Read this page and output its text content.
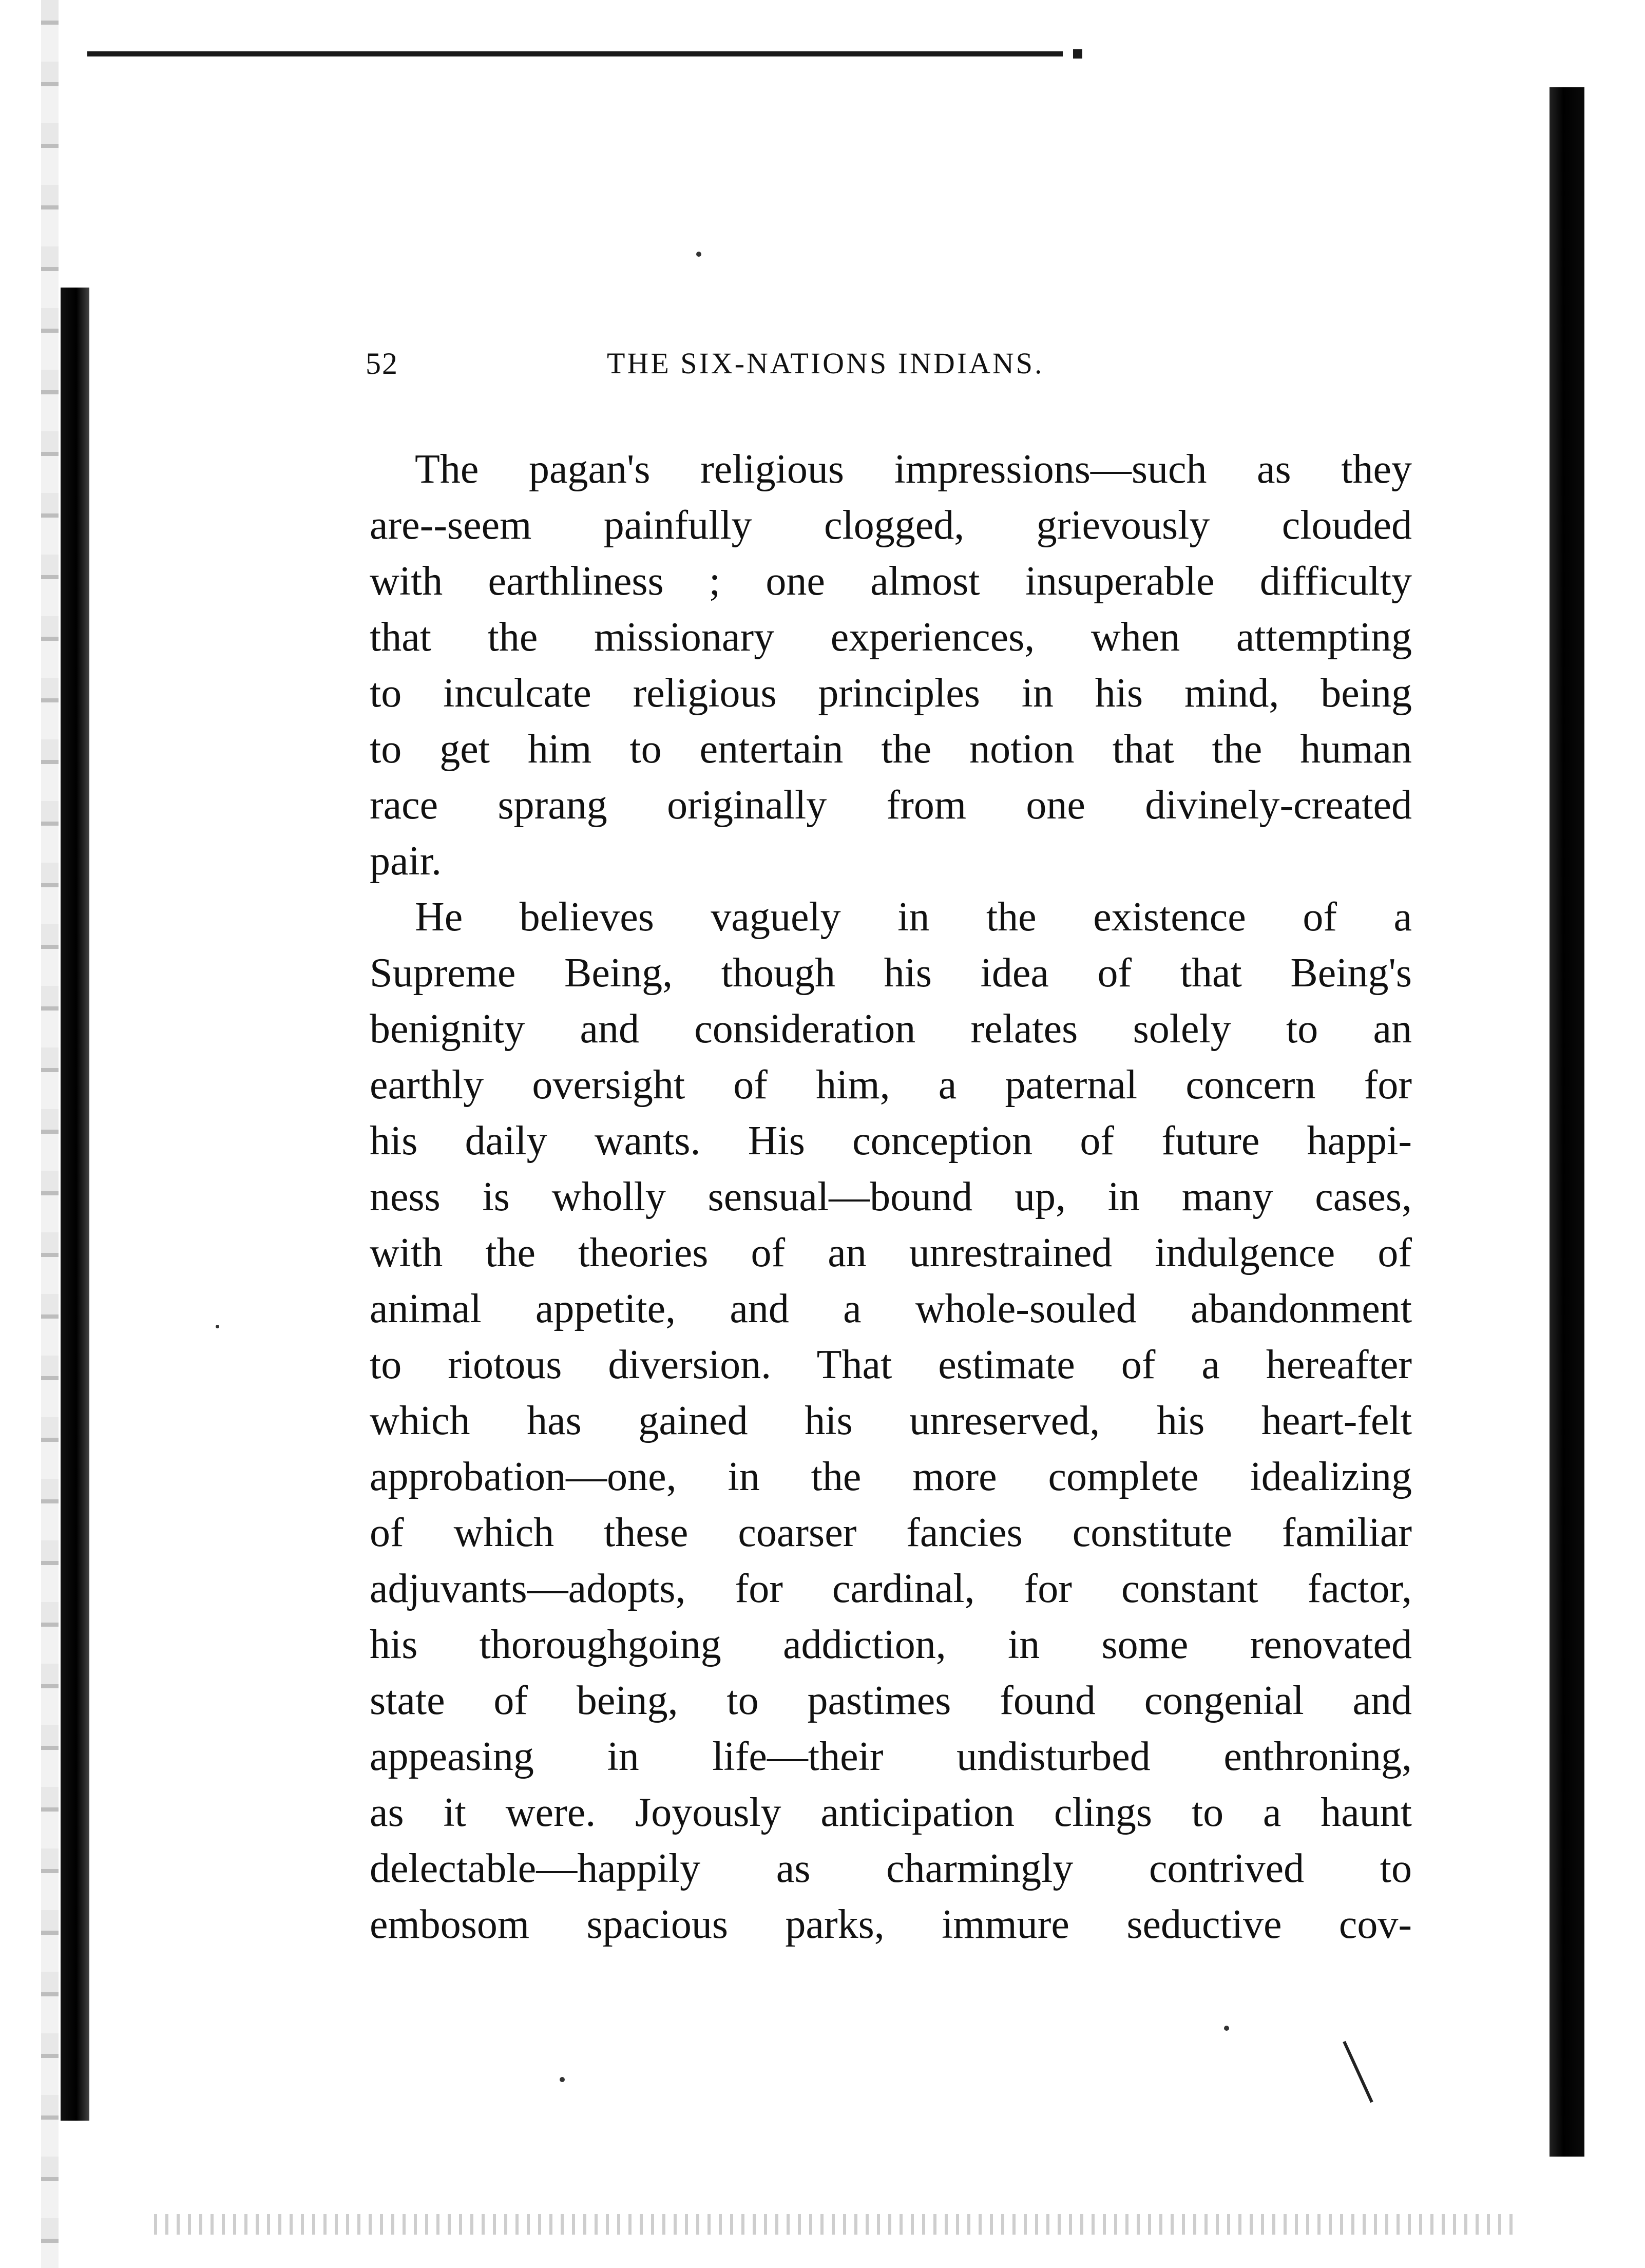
52	THE SIX-NATIONS INDIANS.
The pagan's religious impressions—such as they
are--seem painfully clogged, grievously clouded
with earthliness ; one almost insuperable difficulty
that the missionary experiences, when attempting
to inculcate religious principles in his mind, being
to get him to entertain the notion that the human
race sprang originally from one divinely-created
pair.
He believes vaguely in the existence of a
Supreme Being, though his idea of that Being's
benignity and consideration relates solely to an
earthly oversight of him, a paternal concern for
his daily wants. His conception of future happi-
ness is wholly sensual—bound up, in many cases,
with the theories of an unrestrained indulgence of
animal appetite, and a whole-souled abandonment
to riotous diversion. That estimate of a hereafter
which has gained his unreserved, his heart-felt
approbation—one, in the more complete idealizing
of which these coarser fancies constitute familiar
adjuvants—adopts, for cardinal, for constant factor,
his thoroughgoing addiction, in some renovated
state of being, to pastimes found congenial and
appeasing in life—their undisturbed enthroning,
as it were. Joyously anticipation clings to a haunt
delectable—happily as charmingly contrived to
embosom spacious parks, immure seductive cov-
